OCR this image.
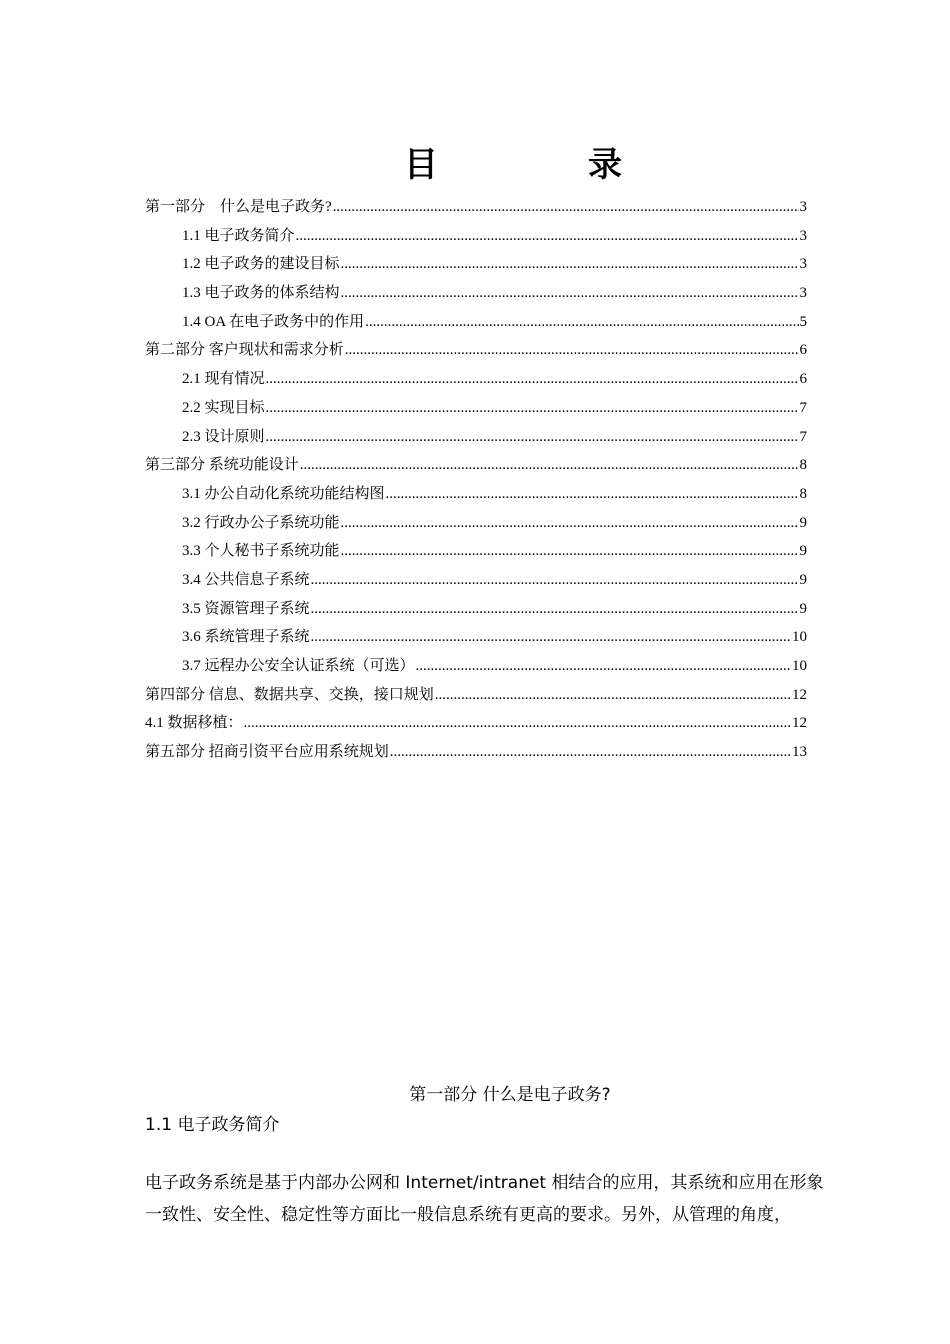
目	录
第一部分　什么是电子政务? .....	3
1.1 电子政务简介 .....	3
1.2 电子政务的建设目标 .....	3
1.3 电子政务的体系结构 .....	3
1.4 OA 在电子政务中的作用 .....	5
第二部分 客户现状和需求分析 .....	6
2.1 现有情况 .....	6
2.2 实现目标 .....	7
2.3 设计原则 .....	7
第三部分 系统功能设计 .....	8
3.1 办公自动化系统功能结构图 .....	8
3.2 行政办公子系统功能 .....	9
3.3 个人秘书子系统功能 .....	9
3.4 公共信息子系统 .....	9
3.5 资源管理子系统 .....	9
3.6 系统管理子系统 .....	10
3.7 远程办公安全认证系统（可选） .....	10
第四部分 信息、数据共享、交换，接口规划 .....	12
4.1 数据移植： .....	12
第五部分 招商引资平台应用系统规划 .....	13
第一部分 什么是电子政务?
1.1 电子政务简介
电子政务系统是基于内部办公网和 Internet/intranet 相结合的应用，其系统和应用在形象
一致性、安全性、稳定性等方面比一般信息系统有更高的要求。另外，从管理的角度，
